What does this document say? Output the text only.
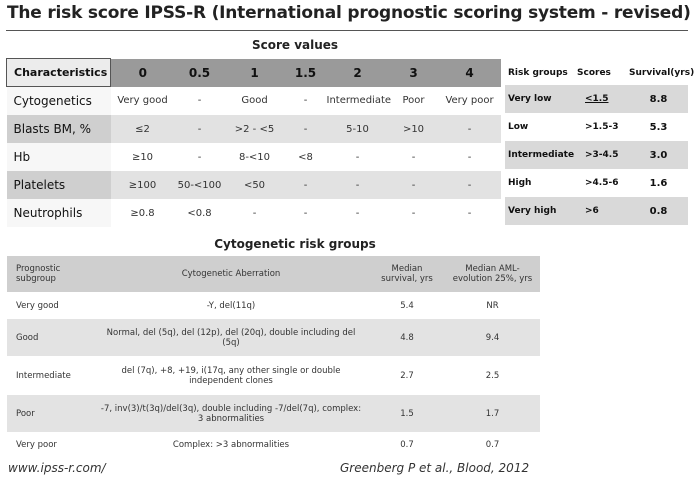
The risk score IPSS-R (International prognostic scoring system - revised)
Score values
Characteristics	0	0.5	1	1.5	2	3	4
Cytogenetics	Very good	-	Good	-	Intermediate	Poor	Very poor
Blasts BM, %	≤2	-	>2 - <5	-	5-10	>10	-
Hb	≥10	-	8-<10	<8	-	-	-
Platelets	≥100	50-<100	<50	-	-	-	-
Neutrophils	≥0.8	<0.8	-	-	-	-	-
Risk groups	Scores	Survival(yrs)
Very low	<1.5	8.8
Low	>1.5-3	5.3
Intermediate	>3-4.5	3.0
High	>4.5-6	1.6
Very high	>6	0.8
Cytogenetic risk groups
Prognostic subgroup	Cytogenetic Aberration	Median survival, yrs	Median AML-evolution 25%, yrs
Very good	-Y, del(11q)	5.4	NR
Good	Normal, del (5q), del (12p), del (20q), double including del (5q)	4.8	9.4
Intermediate	del (7q), +8, +19, i(17q, any other single or double independent clones	2.7	2.5
Poor	-7, inv(3)/t(3q)/del(3q), double including -7/del(7q), complex: 3 abnormalities	1.5	1.7
Very poor	Complex: >3 abnormalities	0.7	0.7
www.ipss-r.com/	Greenberg P et al., Blood, 2012
